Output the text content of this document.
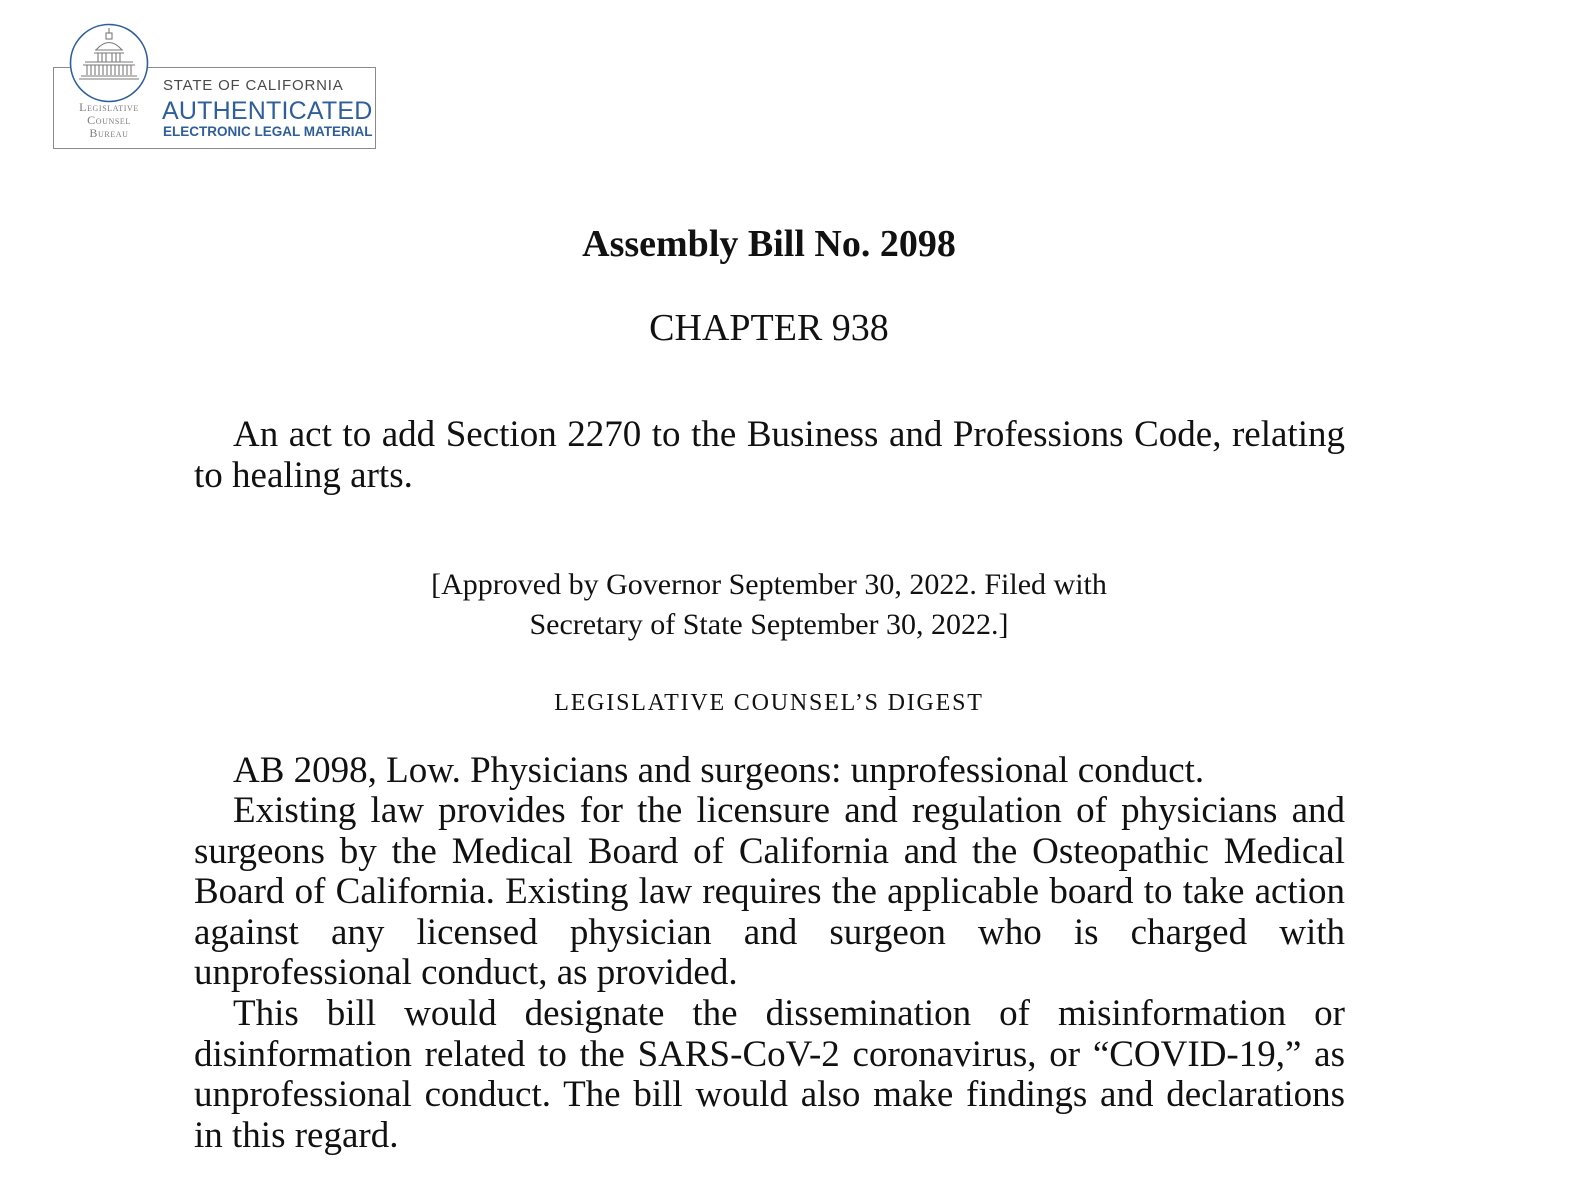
Legislative
Counsel
Bureau
STATE OF CALIFORNIA
AUTHENTICATED
ELECTRONIC LEGAL MATERIAL
Assembly Bill No. 2098
CHAPTER 938

An act to add Section 2270 to the Business and Professions Code, relating to healing arts.

[Approved by Governor September 30, 2022. Filed with
Secretary of State September 30, 2022.]
LEGISLATIVE COUNSEL’S DIGEST

AB 2098, Low. Physicians and surgeons: unprofessional conduct.

Existing law provides for the licensure and regulation of physicians and surgeons by the Medical Board of California and the Osteopathic Medical Board of California. Existing law requires the applicable board to take action against any licensed physician and surgeon who is charged with unprofessional conduct, as provided.

This bill would designate the dissemination of misinformation or disinformation related to the SARS-CoV-2 coronavirus, or “COVID-19,” as unprofessional conduct. The bill would also make findings and declarations in this regard.
